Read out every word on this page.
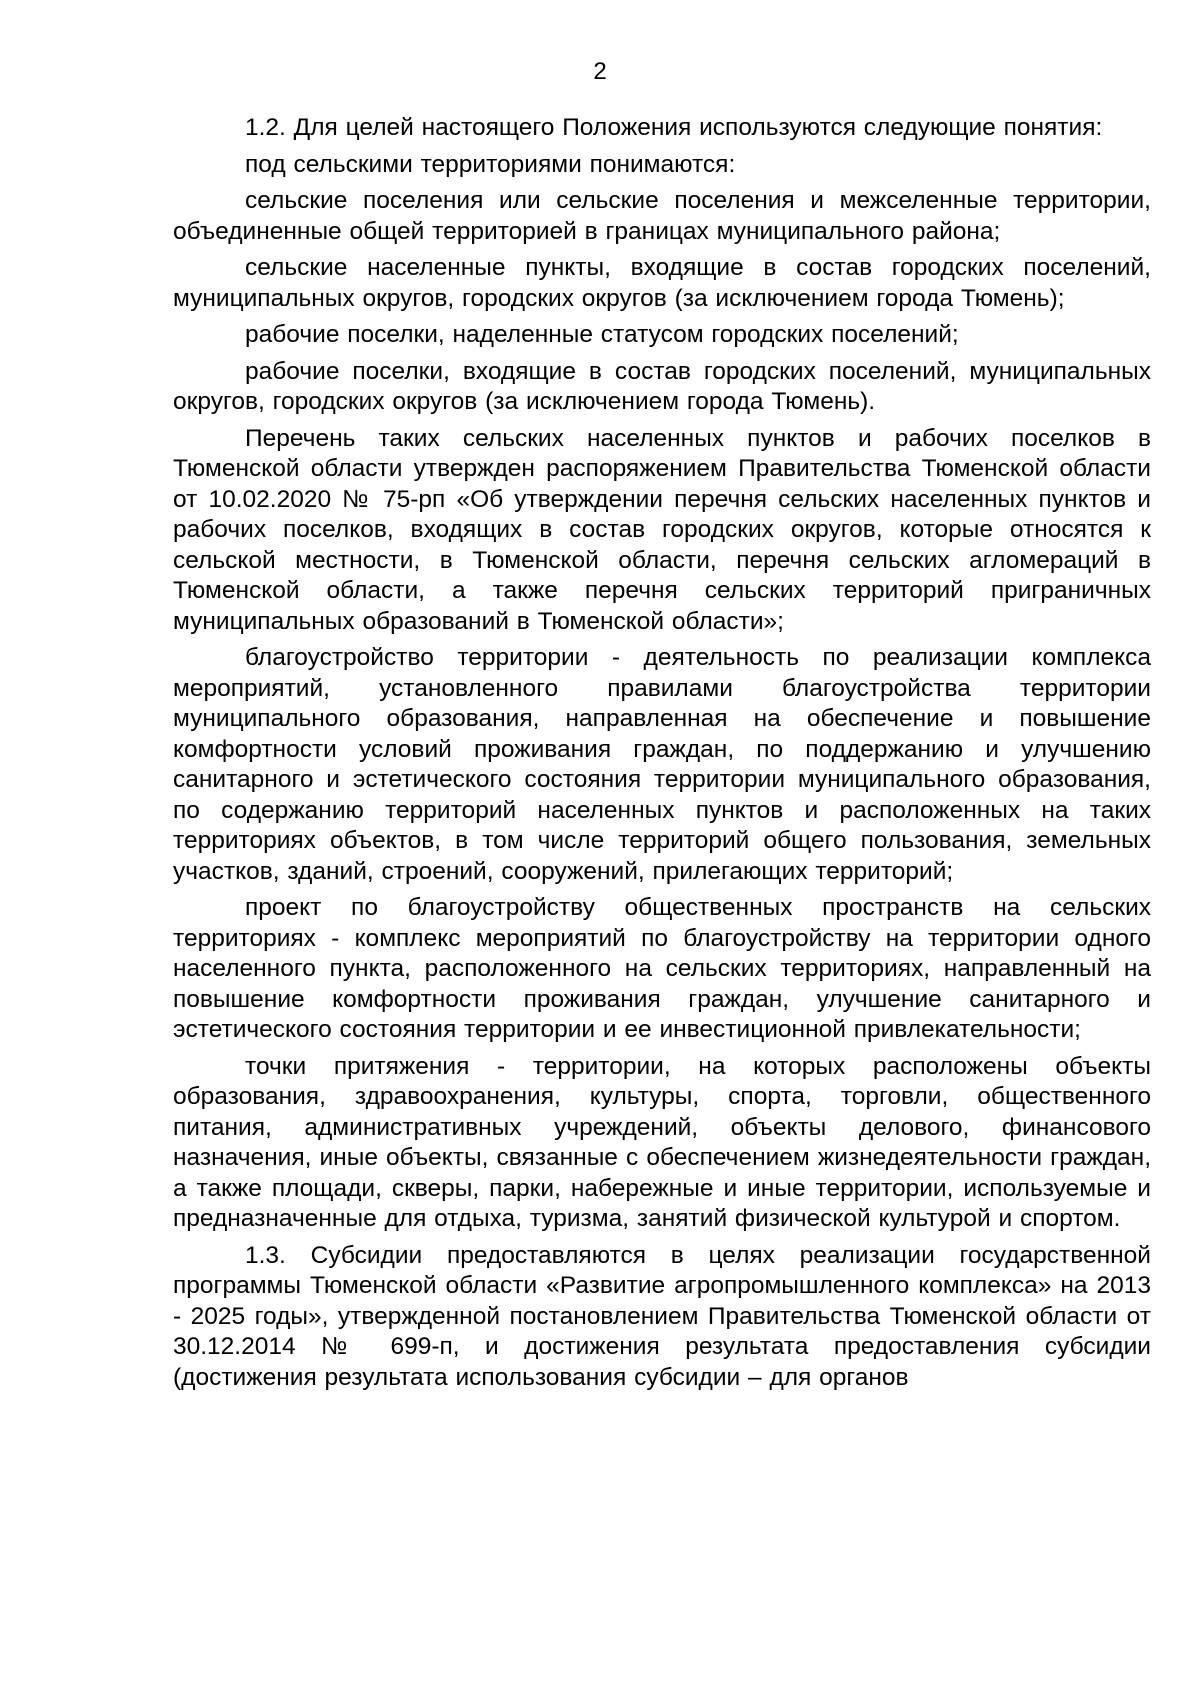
2

1.2. Для целей настоящего Положения используются следующие понятия:

под сельскими территориями понимаются:

сельские поселения или сельские поселения и межселенные территории, объединенные общей территорией в границах муниципального района;

сельские населенные пункты, входящие в состав городских поселений, муниципальных округов, городских округов (за исключением города Тюмень);

рабочие поселки, наделенные статусом городских поселений;

рабочие поселки, входящие в состав городских поселений, муниципальных округов, городских округов (за исключением города Тюмень).

Перечень таких сельских населенных пунктов и рабочих поселков в Тюменской области утвержден распоряжением Правительства Тюменской области от 10.02.2020 № 75-рп «Об утверждении перечня сельских населенных пунктов и рабочих поселков, входящих в состав городских округов, которые относятся к сельской местности, в Тюменской области, перечня сельских агломераций в Тюменской области, а также перечня сельских территорий приграничных муниципальных образований в Тюменской области»;

благоустройство территории - деятельность по реализации комплекса мероприятий, установленного правилами благоустройства территории муниципального образования, направленная на обеспечение и повышение комфортности условий проживания граждан, по поддержанию и улучшению санитарного и эстетического состояния территории муниципального образования, по содержанию территорий населенных пунктов и расположенных на таких территориях объектов, в том числе территорий общего пользования, земельных участков, зданий, строений, сооружений, прилегающих территорий;

проект по благоустройству общественных пространств на сельских территориях - комплекс мероприятий по благоустройству на территории одного населенного пункта, расположенного на сельских территориях, направленный на повышение комфортности проживания граждан, улучшение санитарного и эстетического состояния территории и ее инвестиционной привлекательности;

точки притяжения - территории, на которых расположены объекты образования, здравоохранения, культуры, спорта, торговли, общественного питания, административных учреждений, объекты делового, финансового назначения, иные объекты, связанные с обеспечением жизнедеятельности граждан, а также площади, скверы, парки, набережные и иные территории, используемые и предназначенные для отдыха, туризма, занятий физической культурой и спортом.

1.3. Субсидии предоставляются в целях реализации государственной программы Тюменской области «Развитие агропромышленного комплекса» на 2013 - 2025 годы», утвержденной постановлением Правительства Тюменской области от 30.12.2014 № 699-п, и достижения результата предоставления субсидии (достижения результата использования субсидии – для органов
